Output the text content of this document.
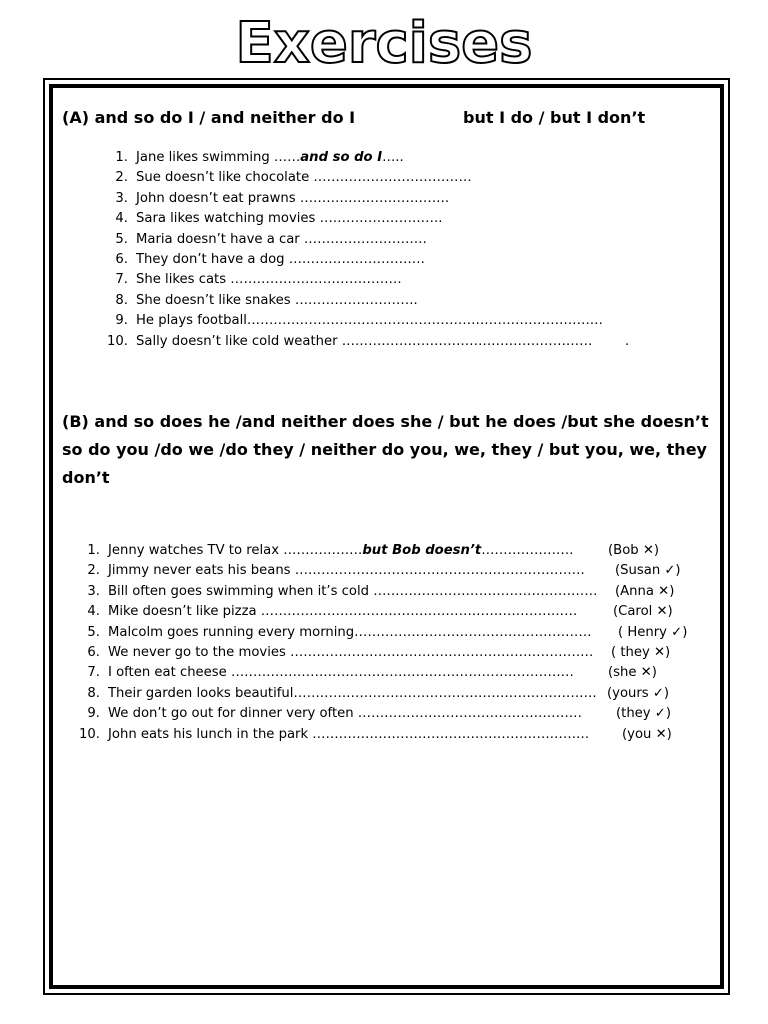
Exercises
(A) and so do I / and neither do I	but I do / but I don’t
1. Jane likes swimming ……and so do I…..
2. Sue doesn’t like chocolate ………………………………
3. John doesn’t eat prawns …………………………….
4. Sara likes watching movies ……………………….
5. Maria doesn’t have a car ……………………….
6. They don’t have a dog ………………………….
7. She likes cats …………………………………
8. She doesn’t like snakes ……………………….
9. He plays football………………………………………………………………………
10. Sally doesn’t like cold weather ………………………………………………… .
(B) and so does he /and neither does she / but he does /but she doesn’t so do you /do we /do they / neither do you, we, they / but you, we, they don’t
1. Jenny watches TV to relax ………………but Bob doesn’t…………………	(Bob ✕)
2. Jimmy never eats his beans ………………………………………………………… (Susan ✓)
3. Bill often goes swimming when it’s cold …………………………………………… (Anna ✕)
4. Mike doesn’t like pizza ………………………………………………………………	(Carol ✕)
5. Malcolm goes running every morning……………………………………………… ( Henry ✓)
6. We never go to the movies …………………………………………………………… ( they ✕)
7. I often eat cheese ……………………………………………………………………	(she ✕)
8. Their garden looks beautiful…………………………………………………………… (yours ✓)
9. We don’t go out for dinner very often ……………………………………………	(they ✓)
10. John eats his lunch in the park ……………………………………………………… (you ✕)
